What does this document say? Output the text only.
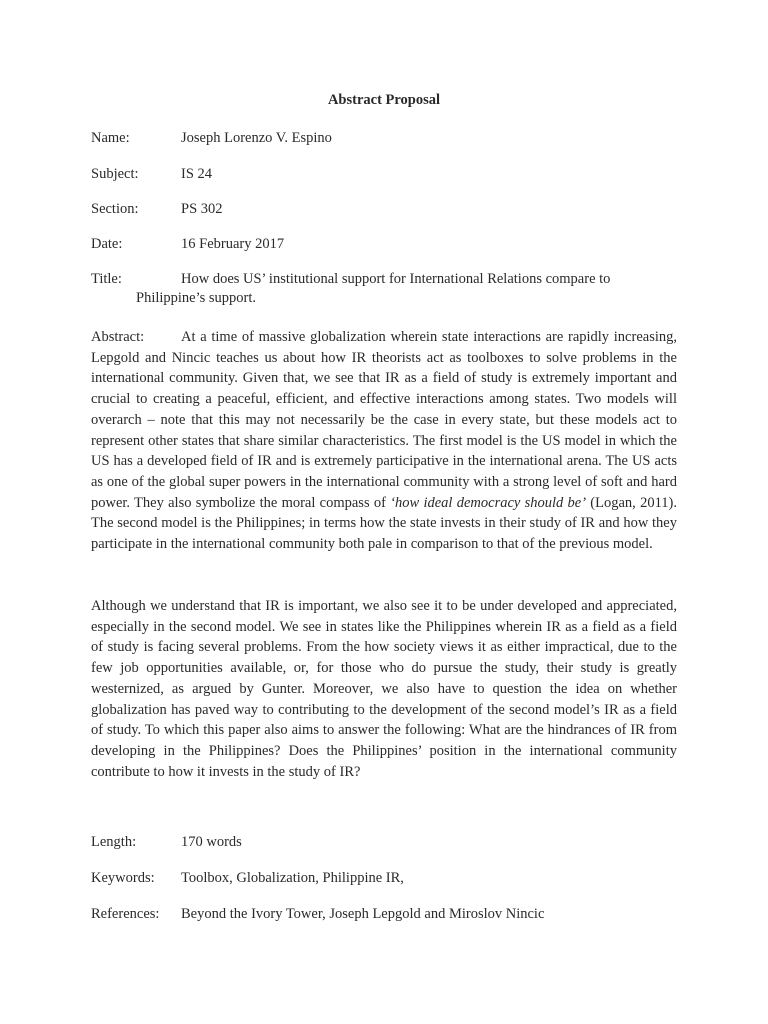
Abstract Proposal
Name:	Joseph Lorenzo V. Espino
Subject:	IS 24
Section:	PS 302
Date:	16 February 2017
Title:	How does US’ institutional support for International Relations compare to
Philippine’s support.
Abstract:	At a time of massive globalization wherein state interactions are rapidly increasing, Lepgold and Nincic teaches us about how IR theorists act as toolboxes to solve problems in the international community. Given that, we see that IR as a field of study is extremely important and crucial to creating a peaceful, efficient, and effective interactions among states. Two models will overarch – note that this may not necessarily be the case in every state, but these models act to represent other states that share similar characteristics. The first model is the US model in which the US has a developed field of IR and is extremely participative in the international arena. The US acts as one of the global super powers in the international community with a strong level of soft and hard power. They also symbolize the moral compass of ‘how ideal democracy should be’ (Logan, 2011). The second model is the Philippines; in terms how the state invests in their study of IR and how they participate in the international community both pale in comparison to that of the previous model.
Although we understand that IR is important, we also see it to be under developed and appreciated, especially in the second model. We see in states like the Philippines wherein IR as a field as a field of study is facing several problems. From the how society views it as either impractical, due to the few job opportunities available, or, for those who do pursue the study, their study is greatly westernized, as argued by Gunter. Moreover, we also have to question the idea on whether globalization has paved way to contributing to the development of the second model’s IR as a field of study. To which this paper also aims to answer the following: What are the hindrances of IR from developing in the Philippines? Does the Philippines’ position in the international community contribute to how it invests in the study of IR?
Length:	170 words
Keywords: Toolbox, Globalization, Philippine IR,
References: Beyond the Ivory Tower, Joseph Lepgold and Miroslov Nincic
